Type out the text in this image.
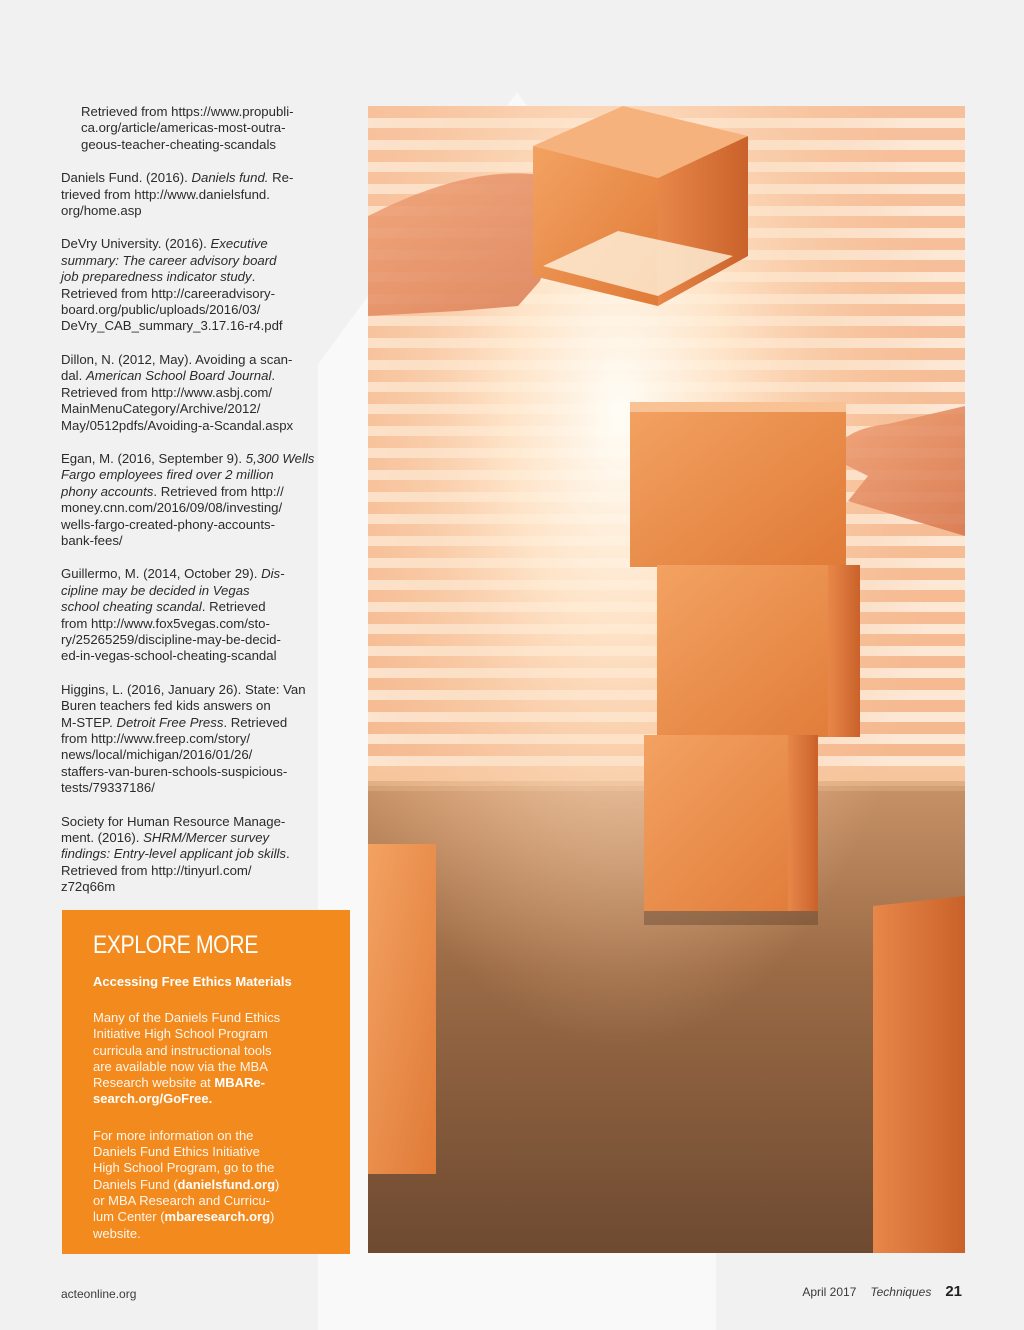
Retrieved from https://www.propubli-
ca.org/article/americas-most-outra-
geous-teacher-cheating-scandals
Daniels Fund. (2016). Daniels fund. Re-
trieved from http://www.danielsfund.
org/home.asp
DeVry University. (2016). Executive
summary: The career advisory board
job preparedness indicator study.
Retrieved from http://careeradvisory-
board.org/public/uploads/2016/03/
DeVry_CAB_summary_3.17.16-r4.pdf
Dillon, N. (2012, May). Avoiding a scan-
dal. American School Board Journal.
Retrieved from http://www.asbj.com/
MainMenuCategory/Archive/2012/
May/0512pdfs/Avoiding-a-Scandal.aspx
Egan, M. (2016, September 9). 5,300 Wells
Fargo employees fired over 2 million
phony accounts. Retrieved from http://
money.cnn.com/2016/09/08/investing/
wells-fargo-created-phony-accounts-
bank-fees/
Guillermo, M. (2014, October 29). Dis-
cipline may be decided in Vegas
school cheating scandal. Retrieved
from http://www.fox5vegas.com/sto-
ry/25265259/discipline-may-be-decid-
ed-in-vegas-school-cheating-scandal
Higgins, L. (2016, January 26). State: Van
Buren teachers fed kids answers on
M-STEP. Detroit Free Press. Retrieved
from http://www.freep.com/story/
news/local/michigan/2016/01/26/
staffers-van-buren-schools-suspicious-
tests/79337186/
Society for Human Resource Manage-
ment. (2016). SHRM/Mercer survey
findings: Entry-level applicant job skills.
Retrieved from http://tinyurl.com/
z72q66m
EXPLORE MORE
Accessing Free Ethics Materials

Many of the Daniels Fund Ethics
Initiative High School Program
curricula and instructional tools
are available now via the MBA
Research website at MBARe-
search.org/GoFree.

For more information on the
Daniels Fund Ethics Initiative
High School Program, go to the
Daniels Fund (danielsfund.org)
or MBA Research and Curricu-
lum Center (mbaresearch.org)
website.

acteonline.org	April 2017 Techniques 21
